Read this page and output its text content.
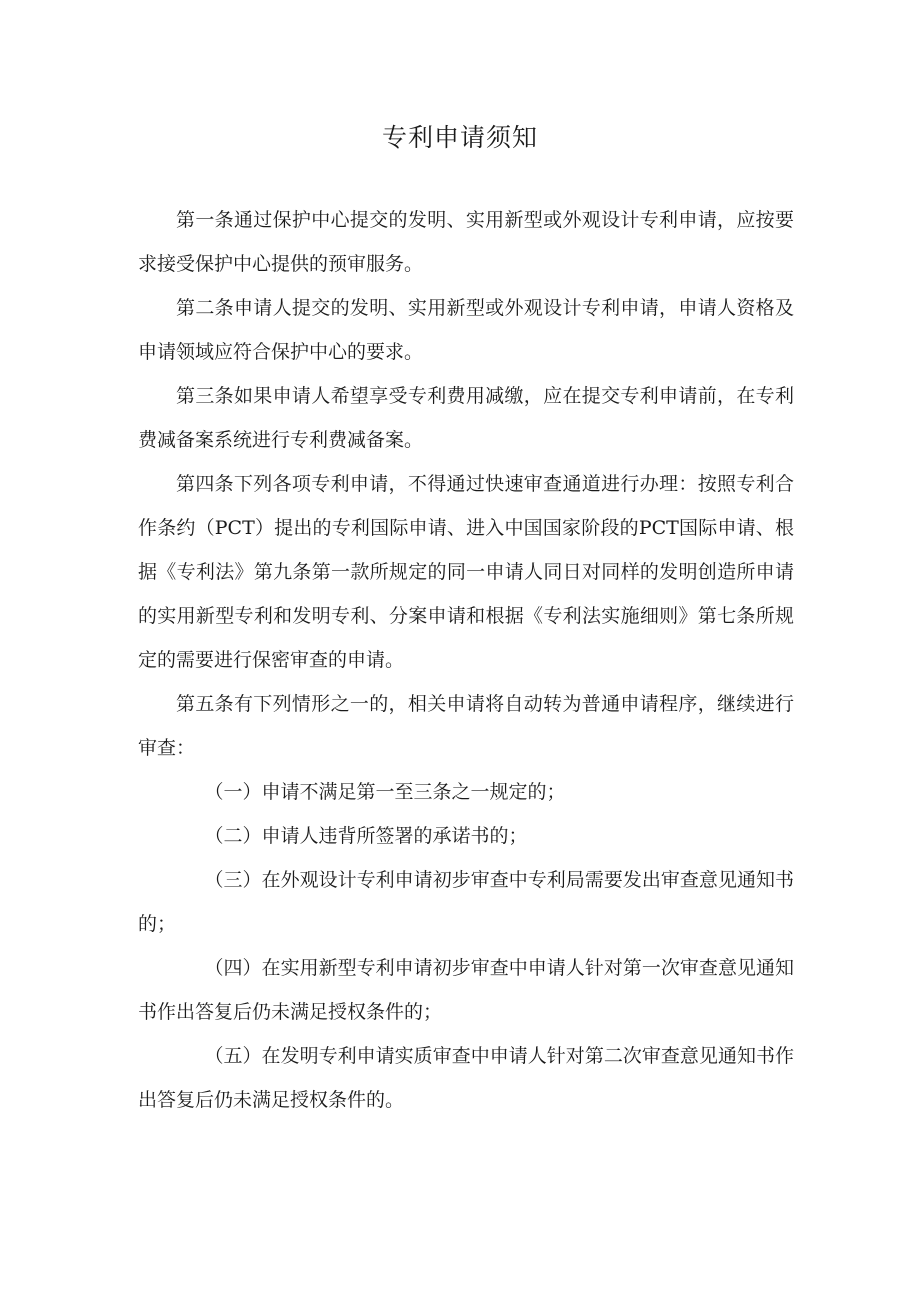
专利申请须知

第一条通过保护中心提交的发明、实用新型或外观设计专利申请，应按要求接受保护中心提供的预审服务。

第二条申请人提交的发明、实用新型或外观设计专利申请，申请人资格及申请领域应符合保护中心的要求。

第三条如果申请人希望享受专利费用减缴，应在提交专利申请前，在专利费减备案系统进行专利费减备案。

第四条下列各项专利申请，不得通过快速审查通道进行办理：按照专利合作条约（PCT）提出的专利国际申请、进入中国国家阶段的PCT国际申请、根据《专利法》第九条第一款所规定的同一申请人同日对同样的发明创造所申请的实用新型专利和发明专利、分案申请和根据《专利法实施细则》第七条所规定的需要进行保密审查的申请。

第五条有下列情形之一的，相关申请将自动转为普通申请程序，继续进行审查：

（一）申请不满足第一至三条之一规定的；

（二）申请人违背所签署的承诺书的；

（三）在外观设计专利申请初步审查中专利局需要发出审查意见通知书的；

（四）在实用新型专利申请初步审查中申请人针对第一次审查意见通知书作出答复后仍未满足授权条件的；

（五）在发明专利申请实质审查中申请人针对第二次审查意见通知书作出答复后仍未满足授权条件的。
